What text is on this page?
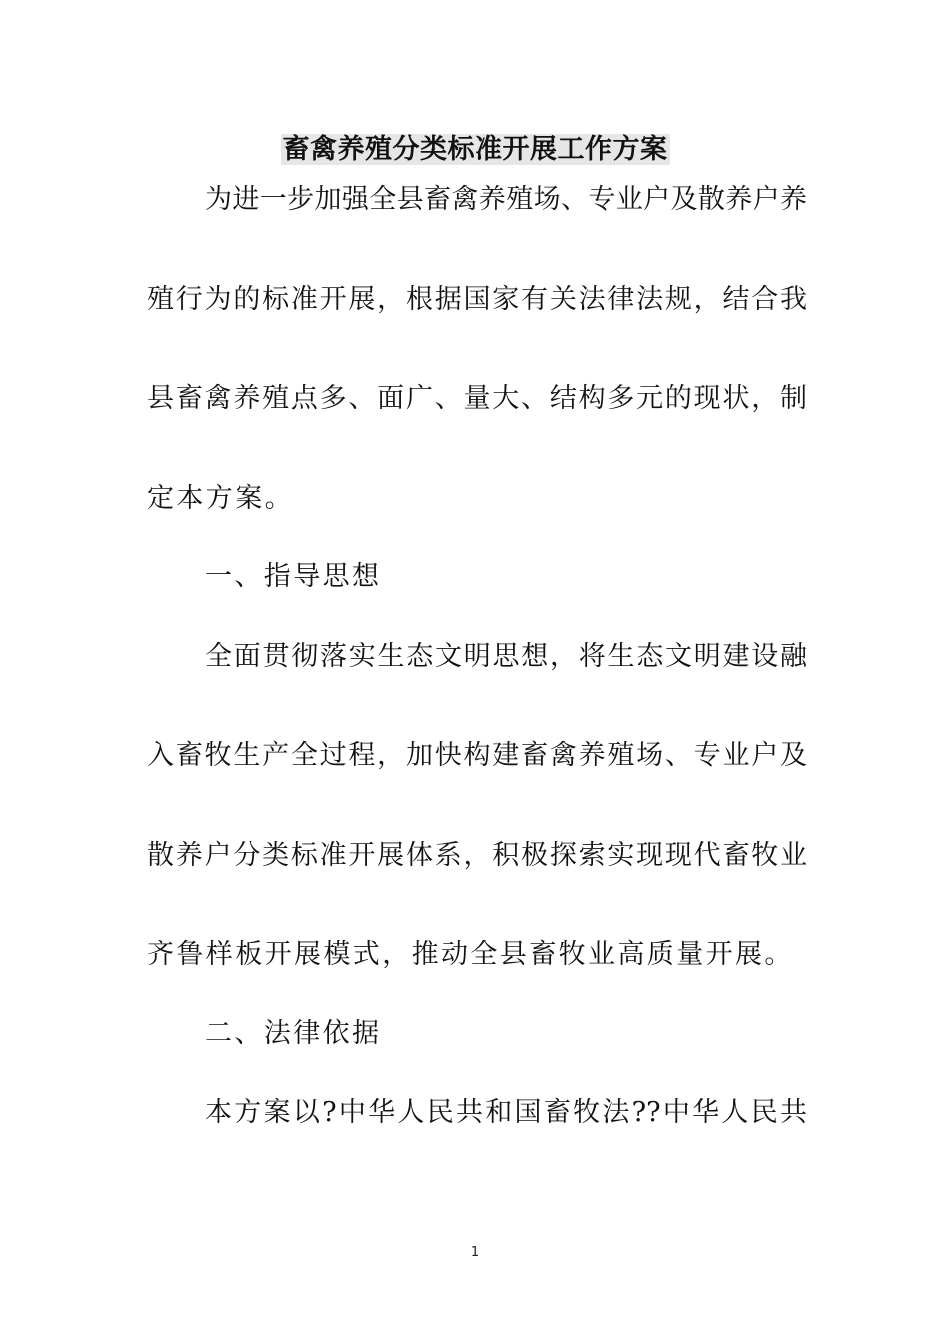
畜禽养殖分类标准开展工作方案
为进一步加强全县畜禽养殖场、专业户及散养户养
殖行为的标准开展，根据国家有关法律法规，结合我
县畜禽养殖点多、面广、量大、结构多元的现状，制
定本方案。
一、指导思想
全面贯彻落实生态文明思想，将生态文明建设融
入畜牧生产全过程，加快构建畜禽养殖场、专业户及
散养户分类标准开展体系，积极探索实现现代畜牧业
齐鲁样板开展模式，推动全县畜牧业高质量开展。
二、法律依据
本方案以?中华人民共和国畜牧法??中华人民共
1
